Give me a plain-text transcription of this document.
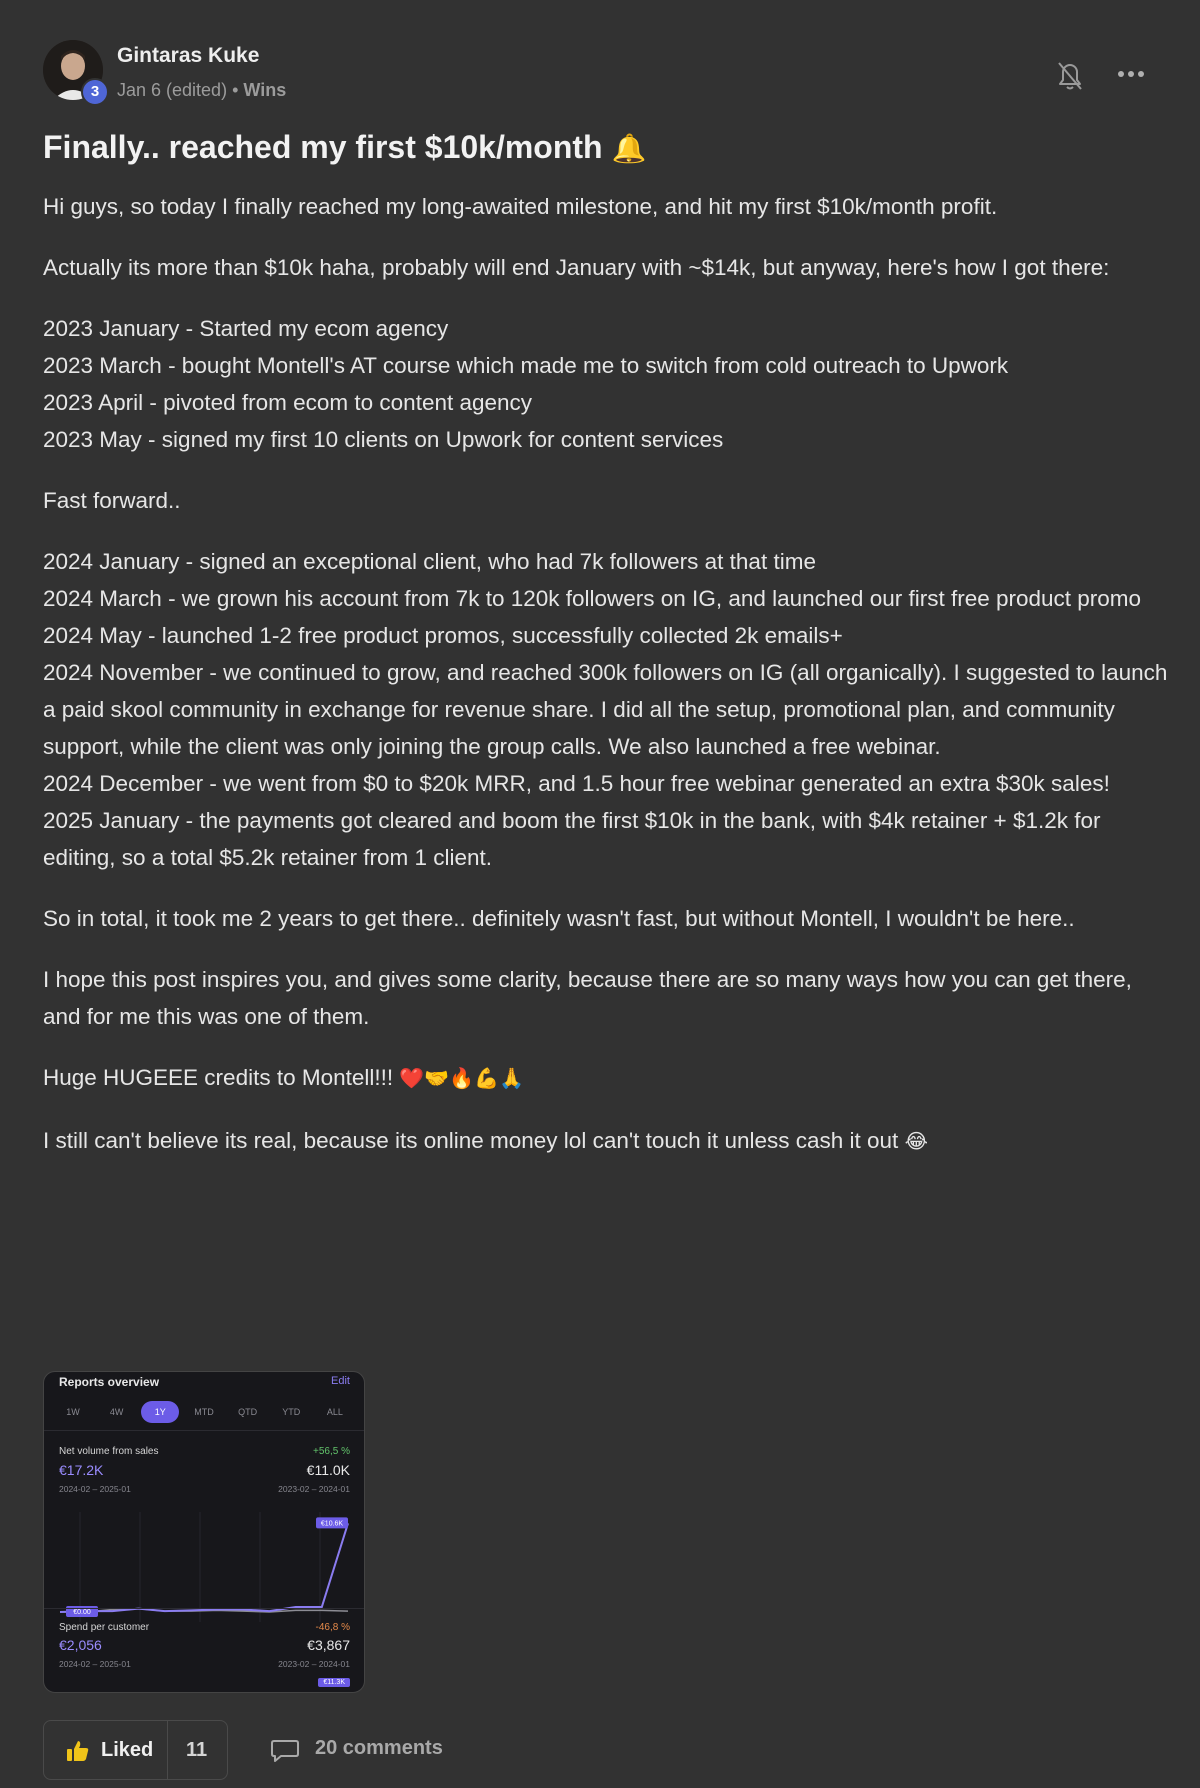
3
Gintaras Kuke
Jan 6 (edited) • Wins
Finally.. reached my first $10k/month 🔔

Hi guys, so today I finally reached my long-awaited milestone, and hit my first $10k/month profit.

Actually its more than $10k haha, probably will end January with ~$14k, but anyway, here's how I got there:

2023 January - Started my ecom agency
2023 March - bought Montell's AT course which made me to switch from cold outreach to Upwork
2023 April - pivoted from ecom to content agency
2023 May - signed my first 10 clients on Upwork for content services

Fast forward..

2024 January - signed an exceptional client, who had 7k followers at that time
2024 March - we grown his account from 7k to 120k followers on IG, and launched our first free product promo
2024 May - launched 1-2 free product promos, successfully collected 2k emails+
2024 November - we continued to grow, and reached 300k followers on IG (all organically). I suggested to launch a paid skool community in exchange for revenue share. I did all the setup, promotional plan, and community support, while the client was only joining the group calls. We also launched a free webinar.
2024 December - we went from $0 to $20k MRR, and 1.5 hour free webinar generated an extra $30k sales!
2025 January - the payments got cleared and boom the first $10k in the bank, with $4k retainer + $1.2k for editing, so a total $5.2k retainer from 1 client.

So in total, it took me 2 years to get there.. definitely wasn't fast, but without Montell, I wouldn't be here..

I hope this post inspires you, and gives some clarity, because there are so many ways how you can get there, and for me this was one of them.

Huge HUGEEE credits to Montell!!! ❤️🤝🔥💪🙏

I still can't believe its real, because its online money lol can't touch it unless cash it out 😂

Reports overview	Edit
1W	4W	1Y	MTD	QTD	YTD	ALL
Net volume from sales	+56,5 %
€17.2K	€11.0K
2024-02 – 2025-01	2023-02 – 2024-01
€0.00
€10.6K
Spend per customer	-46,8 %
€2,056	€3,867
2024-02 – 2025-01	2023-02 – 2024-01
€11.3K
Liked 11	20 comments
